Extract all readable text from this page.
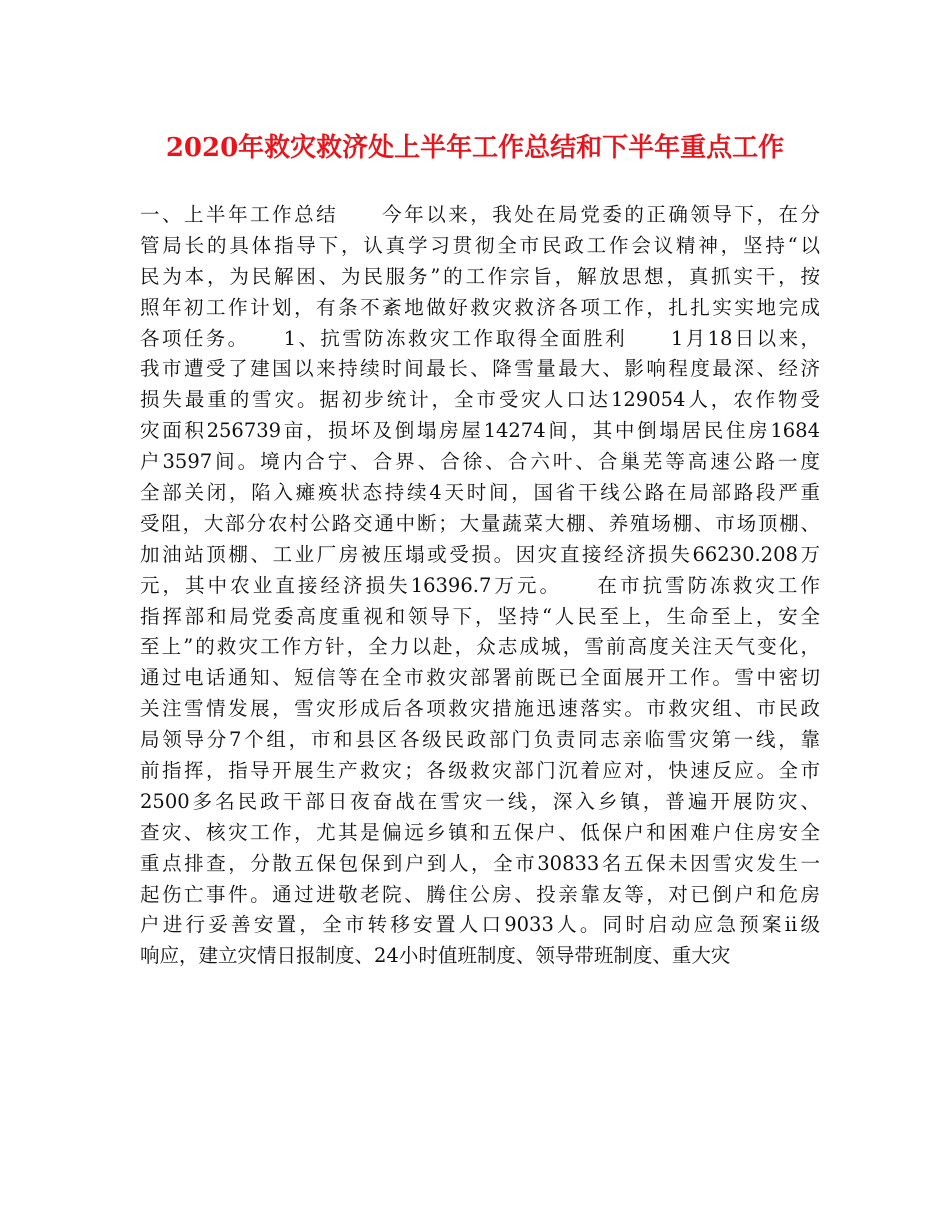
2020年救灾救济处上半年工作总结和下半年重点工作
一、上半年工作总结　　今年以来，我处在局党委的正确领导下，在分
管局长的具体指导下，认真学习贯彻全市民政工作会议精神，坚持“以
民为本，为民解困、为民服务”的工作宗旨，解放思想，真抓实干，按
照年初工作计划，有条不紊地做好救灾救济各项工作，扎扎实实地完成
各项任务。　　1、抗雪防冻救灾工作取得全面胜利　　1月18日以来，
我市遭受了建国以来持续时间最长、降雪量最大、影响程度最深、经济
损失最重的雪灾。据初步统计，全市受灾人口达129054人，农作物受
灾面积256739亩，损坏及倒塌房屋14274间，其中倒塌居民住房1684
户3597间。境内合宁、合界、合徐、合六叶、合巢芜等高速公路一度
全部关闭，陷入瘫痪状态持续4天时间，国省干线公路在局部路段严重
受阻，大部分农村公路交通中断；大量蔬菜大棚、养殖场棚、市场顶棚、
加油站顶棚、工业厂房被压塌或受损。因灾直接经济损失66230.208万
元，其中农业直接经济损失16396.7万元。　　在市抗雪防冻救灾工作
指挥部和局党委高度重视和领导下，坚持“人民至上，生命至上，安全
至上”的救灾工作方针，全力以赴，众志成城，雪前高度关注天气变化，
通过电话通知、短信等在全市救灾部署前既已全面展开工作。雪中密切
关注雪情发展，雪灾形成后各项救灾措施迅速落实。市救灾组、市民政
局领导分7个组，市和县区各级民政部门负责同志亲临雪灾第一线，靠
前指挥，指导开展生产救灾；各级救灾部门沉着应对，快速反应。全市
2500多名民政干部日夜奋战在雪灾一线，深入乡镇，普遍开展防灾、
查灾、核灾工作，尤其是偏远乡镇和五保户、低保户和困难户住房安全
重点排查，分散五保包保到户到人，全市30833名五保未因雪灾发生一
起伤亡事件。通过进敬老院、腾住公房、投亲靠友等，对已倒户和危房
户进行妥善安置，全市转移安置人口9033人。同时启动应急预案ii级
响应，建立灾情日报制度、24小时值班制度、领导带班制度、重大灾
